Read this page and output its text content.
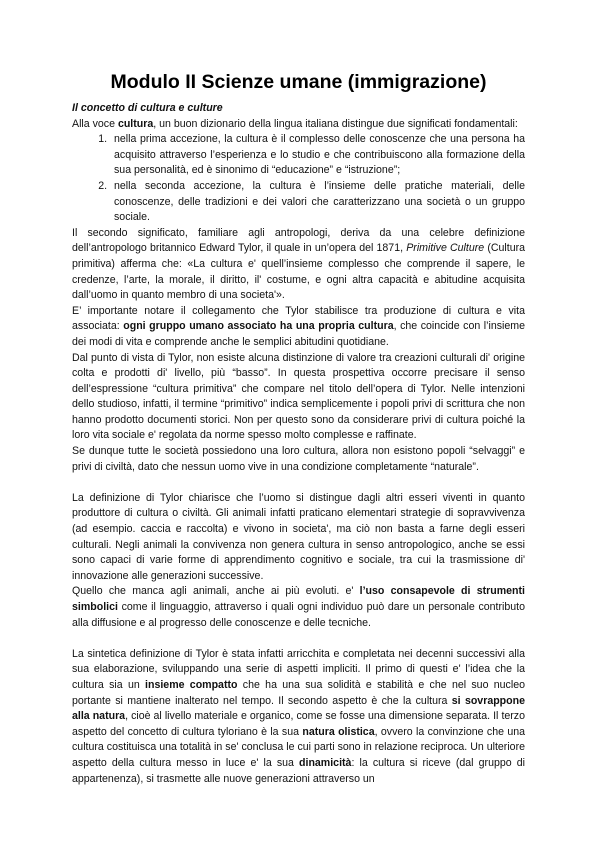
Modulo II Scienze umane (immigrazione)

Il concetto di cultura e culture

Alla voce cultura, un buon dizionario della lingua italiana distingue due significati fondamentali:

1. nella prima accezione, la cultura è il complesso delle conoscenze che una persona ha acquisito attraverso l’esperienza e lo studio e che contribuiscono alla formazione della sua personalità, ed è sinonimo di “educazione” e “istruzione”;
2. nella seconda accezione, la cultura è l’insieme delle pratiche materiali, delle conoscenze, delle tradizioni e dei valori che caratterizzano una società o un gruppo sociale.

Il secondo significato, familiare agli antropologi, deriva da una celebre definizione dell’antropologo britannico Edward Tylor, il quale in un’opera del 1871, Primitive Culture (Cultura primitiva) afferma che: «La cultura e' quell’insieme complesso che comprende il sapere, le credenze, l’arte, la morale, il diritto, il' costume, e ogni altra capacità e abitudine acquisita dall’uomo in quanto membro di una societa'».

E’ importante notare il collegamento che Tylor stabilisce tra produzione di cultura e vita associata: ogni gruppo umano associato ha una propria cultura, che coincide con l’insieme dei modi di vita e comprende anche le semplici abitudini quotidiane.

Dal punto di vista di Tylor, non esiste alcuna distinzione di valore tra creazioni culturali di' origine colta e prodotti di' livello, più “basso”. In questa prospettiva occorre precisare il senso dell’espressione “cultura primitiva” che compare nel titolo dell’opera di Tylor. Nelle intenzioni dello studioso, infatti, il termine “primitivo” indica semplicemente i popoli privi di scrittura che non hanno prodotto documenti storici. Non per questo sono da considerare privi di cultura poiché la loro vita sociale e' regolata da norme spesso molto complesse e raffinate.

Se dunque tutte le società possiedono una loro cultura, allora non esistono popoli “selvaggi” e privi di civiltà, dato che nessun uomo vive in una condizione completamente “naturale”.

La definizione di Tylor chiarisce che l’uomo si distingue dagli altri esseri viventi in quanto produttore di cultura o civiltà. Gli animali infatti praticano elementari strategie di sopravvivenza (ad esempio. caccia e raccolta) e vivono in societa', ma ciò non basta a farne degli esseri culturali. Negli animali la convivenza non genera cultura in senso antropologico, anche se essi sono capaci di varie forme di apprendimento cognitivo e sociale, tra cui la trasmissione di' innovazione alle generazioni successive.

Quello che manca agli animali, anche ai più evoluti. e' l’uso consapevole di strumenti simbolici come il linguaggio, attraverso i quali ogni individuo può dare un personale contributo alla diffusione e al progresso delle conoscenze e delle tecniche.

La sintetica definizione di Tylor è stata infatti arricchita e completata nei decenni successivi alla sua elaborazione, sviluppando una serie di aspetti impliciti. Il primo di questi e' l’idea che la cultura sia un insieme compatto che ha una sua solidità e stabilità e che nel suo nucleo portante si mantiene inalterato nel tempo. Il secondo aspetto è che la cultura si sovrappone alla natura, cioè al livello materiale e organico, come se fosse una dimensione separata. Il terzo aspetto del concetto di cultura tyloriano è la sua natura olistica, ovvero la convinzione che una cultura costituisca una totalità in se' conclusa le cui parti sono in relazione reciproca. Un ulteriore aspetto della cultura messo in luce e' la sua dinamicità: la cultura si riceve (dal gruppo di appartenenza), si trasmette alle nuove generazioni attraverso un
